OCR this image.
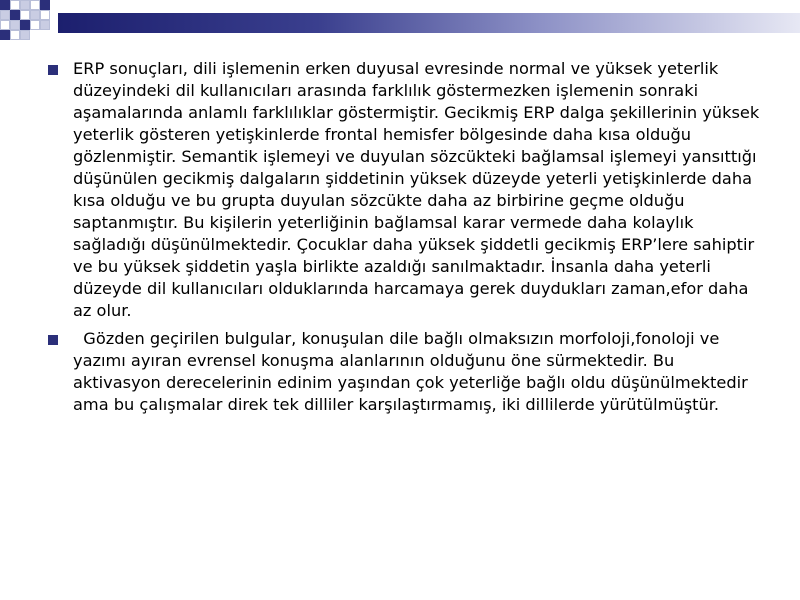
ERP sonuçları, dili işlemenin erken duyusal evresinde normal ve yüksek yeterlik düzeyindeki dil kullanıcıları arasında farklılık göstermezken işlemenin sonraki aşamalarında anlamlı farklılıklar göstermiştir. Gecikmiş ERP dalga şekillerinin yüksek yeterlik gösteren yetişkinlerde frontal hemisfer bölgesinde daha kısa olduğu gözlenmiştir. Semantik işlemeyi ve duyulan sözcükteki bağlamsal işlemeyi yansıttığı düşünülen gecikmiş dalgaların şiddetinin yüksek düzeyde yeterli yetişkinlerde daha kısa olduğu ve bu grupta duyulan sözcükte daha az birbirine geçme olduğu saptanmıştır. Bu kişilerin yeterliğinin bağlamsal karar vermede daha kolaylık sağladığı düşünülmektedir. Çocuklar daha yüksek şiddetli gecikmiş ERP’lere sahiptir ve bu yüksek şiddetin yaşla birlikte azaldığı sanılmaktadır. İnsanla daha yeterli düzeyde dil kullanıcıları olduklarında harcamaya gerek duydukları zaman,efor daha az olur.
Gözden geçirilen bulgular, konuşulan dile bağlı olmaksızın morfoloji,fonoloji ve yazımı ayıran evrensel konuşma alanlarının olduğunu öne sürmektedir. Bu aktivasyon derecelerinin edinim yaşından çok yeterliğe bağlı oldu düşünülmektedir ama bu çalışmalar direk tek dilliler karşılaştırmamış, iki dillilerde yürütülmüştür.
